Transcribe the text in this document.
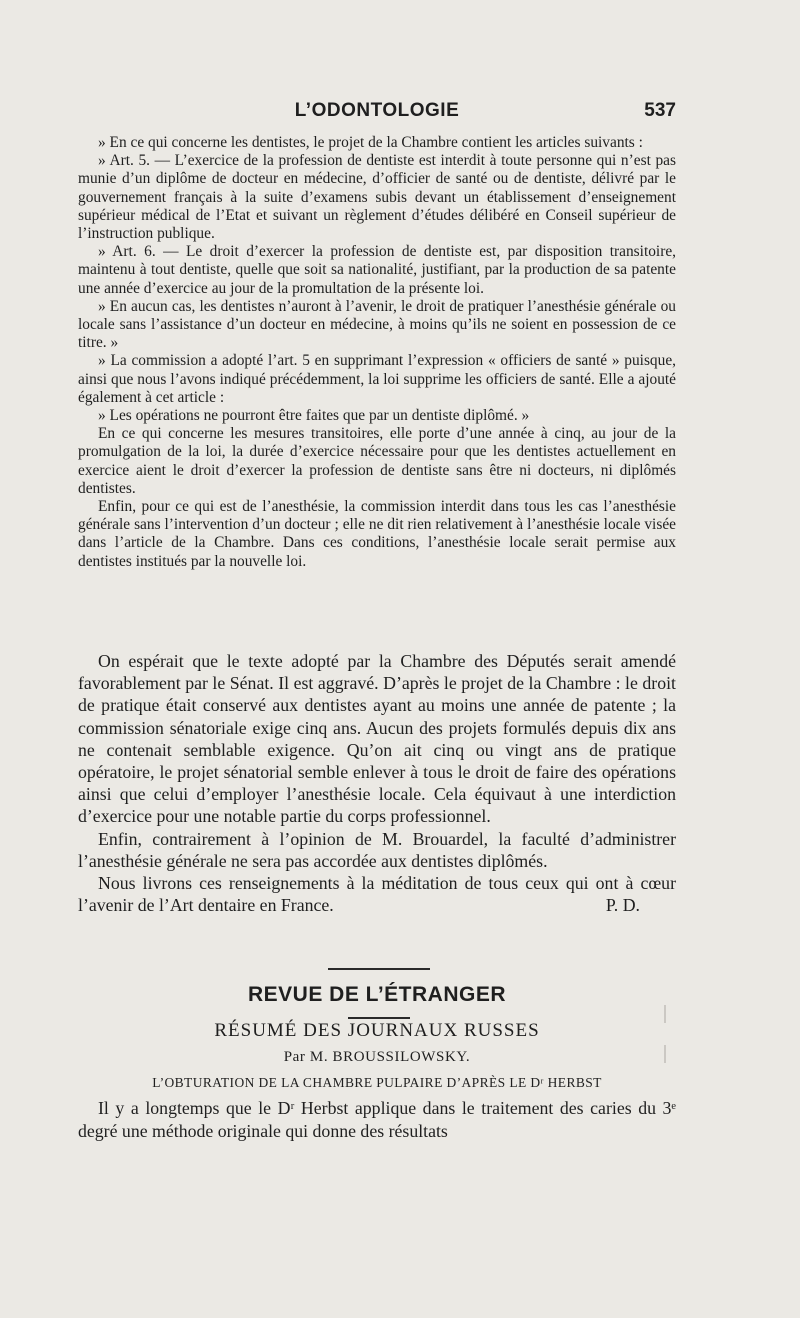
L’ODONTOLOGIE	537

» En ce qui concerne les dentistes, le projet de la Chambre contient les articles suivants :

» Art. 5. — L’exercice de la profession de dentiste est interdit à toute personne qui n’est pas munie d’un diplôme de docteur en médecine, d’officier de santé ou de dentiste, délivré par le gouvernement français à la suite d’examens subis devant un établissement d’enseignement supérieur médical de l’Etat et suivant un règlement d’études délibéré en Conseil supérieur de l’instruction publique.

» Art. 6. — Le droit d’exercer la profession de dentiste est, par disposition transitoire, maintenu à tout dentiste, quelle que soit sa nationalité, justifiant, par la production de sa patente une année d’exercice au jour de la promultation de la présente loi.

» En aucun cas, les dentistes n’auront à l’avenir, le droit de pratiquer l’anesthésie générale ou locale sans l’assistance d’un docteur en médecine, à moins qu’ils ne soient en possession de ce titre. »

» La commission a adopté l’art. 5 en supprimant l’expression « officiers de santé » puisque, ainsi que nous l’avons indiqué précédemment, la loi supprime les officiers de santé. Elle a ajouté également à cet article :

» Les opérations ne pourront être faites que par un dentiste diplômé. »

En ce qui concerne les mesures transitoires, elle porte d’une année à cinq, au jour de la promulgation de la loi, la durée d’exercice nécessaire pour que les dentistes actuellement en exercice aient le droit d’exercer la profession de dentiste sans être ni docteurs, ni diplômés dentistes.

Enfin, pour ce qui est de l’anesthésie, la commission interdit dans tous les cas l’anesthésie générale sans l’intervention d’un docteur ; elle ne dit rien relativement à l’anesthésie locale visée dans l’article de la Chambre. Dans ces conditions, l’anesthésie locale serait permise aux dentistes institués par la nouvelle loi.

On espérait que le texte adopté par la Chambre des Députés serait amendé favorablement par le Sénat. Il est aggravé. D’après le projet de la Chambre : le droit de pratique était conservé aux dentistes ayant au moins une année de patente ; la commission sénatoriale exige cinq ans. Aucun des projets formulés depuis dix ans ne contenait semblable exigence. Qu’on ait cinq ou vingt ans de pratique opératoire, le projet sénatorial semble enlever à tous le droit de faire des opérations ainsi que celui d’employer l’anesthésie locale. Cela équivaut à une interdiction d’exercice pour une notable partie du corps professionnel.

Enfin, contrairement à l’opinion de M. Brouardel, la faculté d’administrer l’anesthésie générale ne sera pas accordée aux dentistes diplômés.

Nous livrons ces renseignements à la méditation de tous ceux qui ont à cœur l’avenir de l’Art dentaire en France.	P. D.

REVUE DE L’ÉTRANGER
RÉSUMÉ DES JOURNAUX RUSSES
Par M. BROUSSILOWSKY.
L’OBTURATION DE LA CHAMBRE PULPAIRE D’APRÈS LE Dʳ HERBST

Il y a longtemps que le Dʳ Herbst applique dans le traitement des caries du 3ᵉ degré une méthode originale qui donne des résultats
